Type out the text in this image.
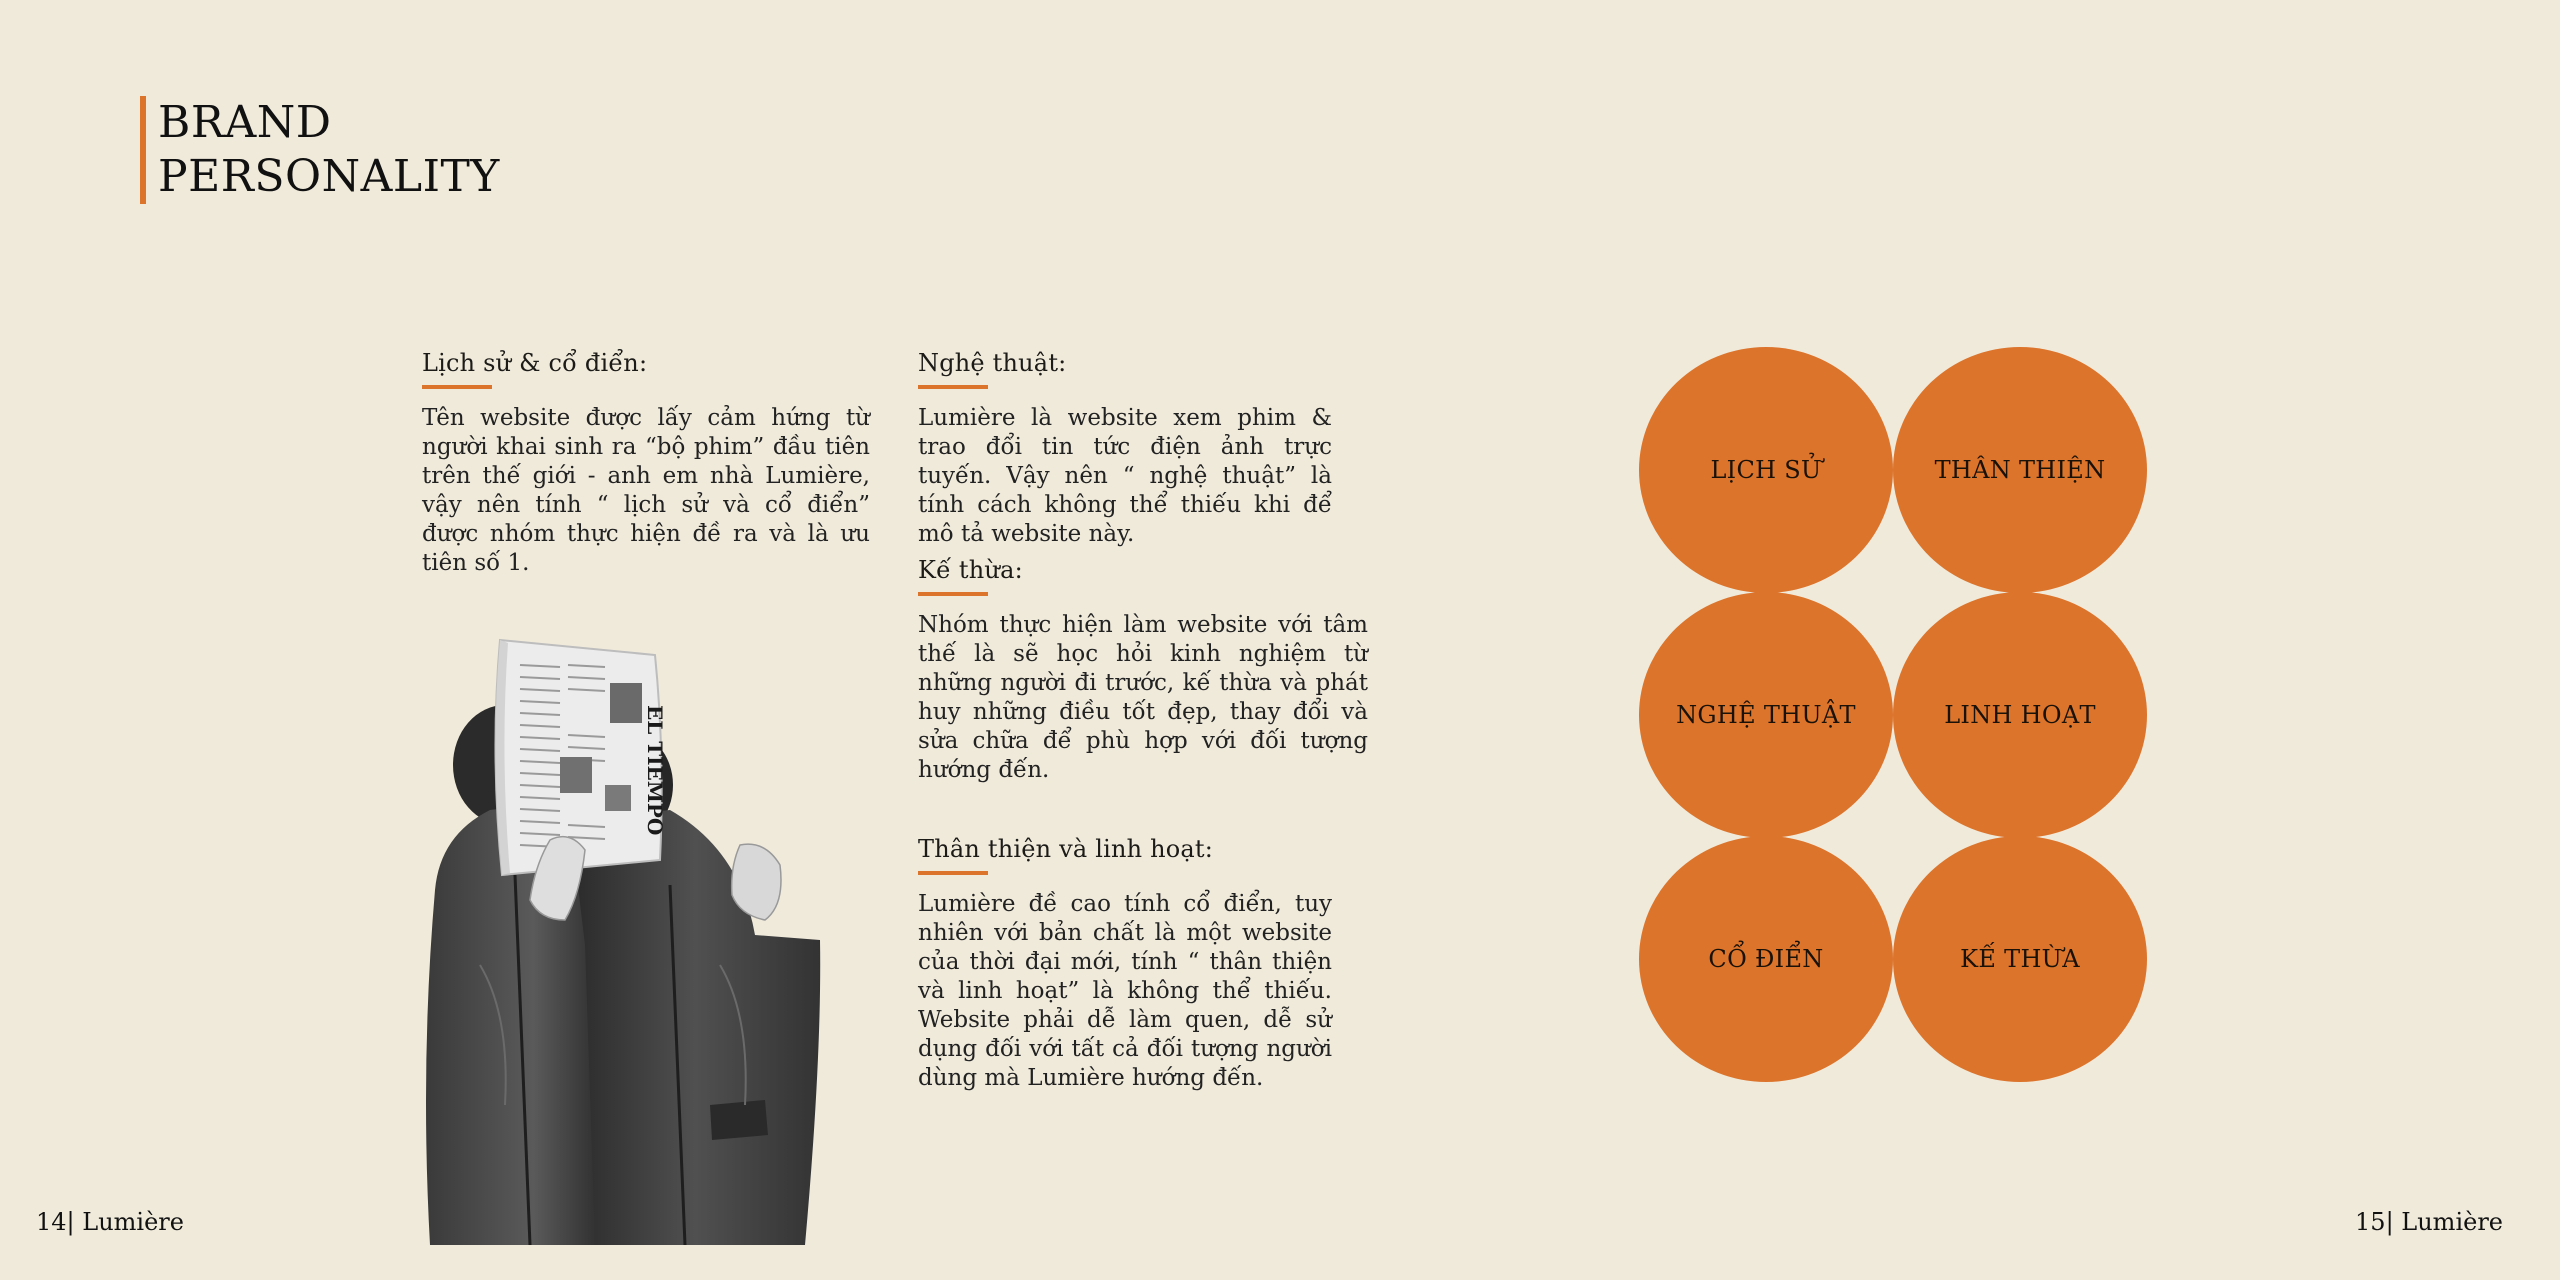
BRAND
PERSONALITY
Lịch sử & cổ điển:

Tên website được lấy cảm hứng từ người khai sinh ra “bộ phim” đầu tiên trên thế giới - anh em nhà Lumière, vậy nên tính “ lịch sử và cổ điển” được nhóm thực hiện đề ra và là ưu tiên số 1.

Nghệ thuật:

Lumière là website xem phim & trao đổi tin tức điện ảnh trực tuyến. Vậy nên “ nghệ thuật” là tính cách không thể thiếu khi để mô tả website này.

Kế thừa:

Nhóm thực hiện làm website với tâm thế là sẽ học hỏi kinh nghiệm từ những người đi trước, kế thừa và phát huy những điều tốt đẹp, thay đổi và sửa chữa để phù hợp với đối tượng hướng đến.

Thân thiện và linh hoạt:

Lumière đề cao tính cổ điển, tuy nhiên với bản chất là một website của thời đại mới, tính “ thân thiện và linh hoạt” là không thể thiếu. Website phải dễ làm quen, dễ sử dụng đối với tất cả đối tượng người dùng mà Lumière hướng đến.

EL TIEMPO
LỊCH SỬ	THÂN THIỆN
NGHỆ THUẬT	LINH HOẠT
CỔ ĐIỂN	KẾ THỪA
14| Lumière	15| Lumière
